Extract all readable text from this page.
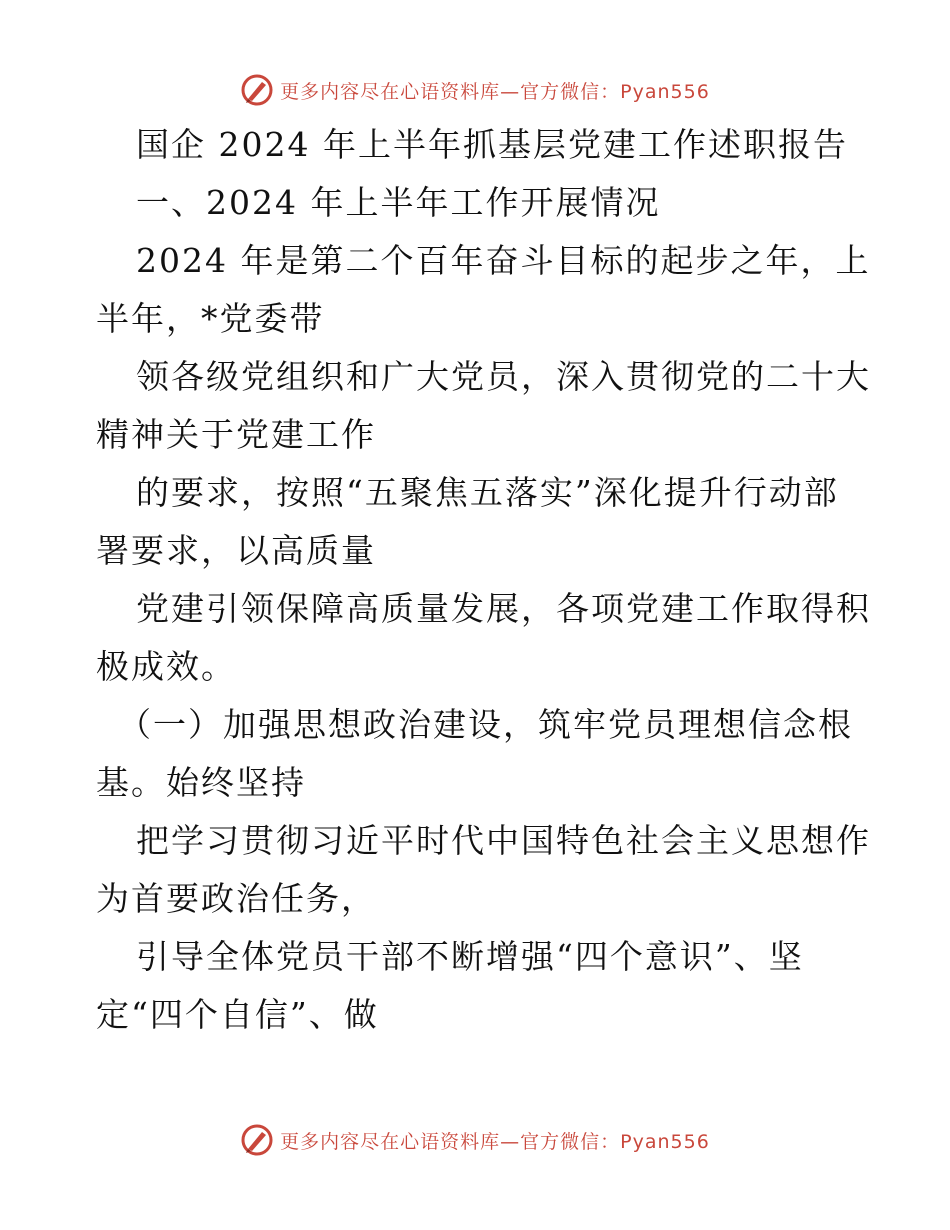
更多内容尽在心语资料库—官方微信：Pyan556
国企 2024 年上半年抓基层党建工作述职报告
一、2024 年上半年工作开展情况
2024 年是第二个百年奋斗目标的起步之年，上
半年，*党委带
领各级党组织和广大党员，深入贯彻党的二十大
精神关于党建工作
的要求，按照“五聚焦五落实”深化提升行动部
署要求，以高质量
党建引领保障高质量发展，各项党建工作取得积
极成效。
（一）加强思想政治建设，筑牢党员理想信念根
基。始终坚持
把学习贯彻习近平时代中国特色社会主义思想作
为首要政治任务，
引导全体党员干部不断增强“四个意识”、坚
定“四个自信”、做
更多内容尽在心语资料库—官方微信：Pyan556
